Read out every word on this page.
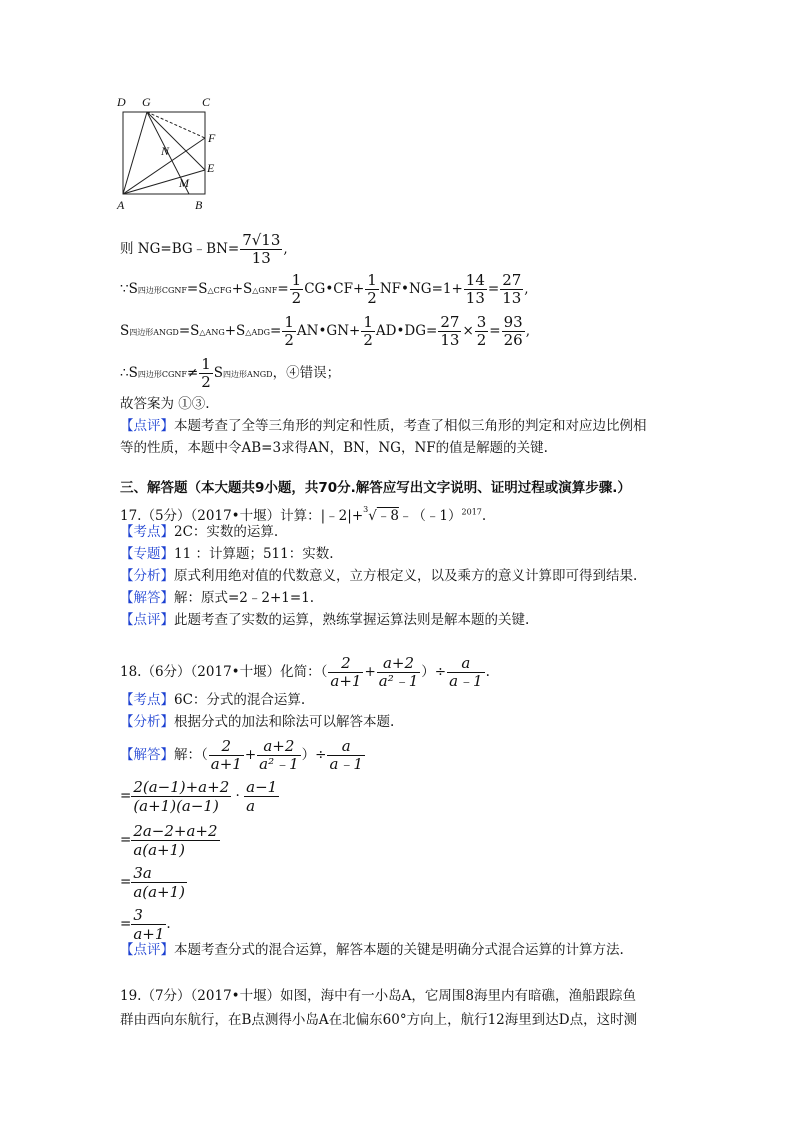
D G	C
F
N
E
M
A	B
则 NG=BG﹣BN= $\frac{7√13}{13}$ ,
∵S四边形CGNF=S△CFG+S△GNF= $\frac{1}{2}$ CG•CF+ $\frac{1}{2}$ NF•NG=1+ $\frac{14}{13} = \frac{27}{13}$ ,
S四边形ANGD=S△ANG+S△ADG= $\frac{1}{2}$ AN•GN+ $\frac{1}{2}$ AD•DG= $\frac{27}{13} \times \frac{3}{2} = \frac{93}{26}$ ,
∴S四边形CGNF≠ $\frac{1}{2}$ S四边形ANGD，④错误；
故答案为 ①③.
【点评】本题考查了全等三角形的判定和性质，考查了相似三角形的判定和对应边比例相
等的性质，本题中令AB=3求得AN，BN，NG，NF的值是解题的关键.
三、解答题（本大题共9小题，共70分.解答应写出文字说明、证明过程或演算步骤.）
17.（5分）（2017•十堰）计算：|﹣2|+$^3$√﹣8﹣（﹣1）$^{2017}$.
【考点】2C：实数的运算.
【专题】11 ：计算题；511：实数.
【分析】原式利用绝对值的代数意义，立方根定义，以及乘方的意义计算即可得到结果.
【解答】解：原式=2﹣2+1=1.
【点评】此题考查了实数的运算，熟练掌握运算法则是解本题的关键.
18.（6分）（2017•十堰）化简：（ $\frac{2}{a+1} + \frac{a+2}{\text{a²﹣1}}$ ）÷ $\frac{a}{a﹣1}$ .
【考点】6C：分式的混合运算.
【分析】根据分式的加法和除法可以解答本题.
【解答】解：（ $\frac{2}{a+1} + \frac{a+2}{\text{a²﹣1}}$ ）÷ $\frac{a}{a﹣1}$
= $\frac{2(a-1)+a+2}{(a+1)(a-1)} \cdot \frac{a-1}{a}$
= $\frac{2a-2+a+2}{a(a+1)}$
= $\frac{3a}{a(a+1)}$
= $\frac{3}{a+1}$ .
【点评】本题考查分式的混合运算，解答本题的关键是明确分式混合运算的计算方法.
19.（7分）（2017•十堰）如图，海中有一小岛A，它周围8海里内有暗礁，渔船跟踪鱼
群由西向东航行，在B点测得小岛A在北偏东60°方向上，航行12海里到达D点，这时测
